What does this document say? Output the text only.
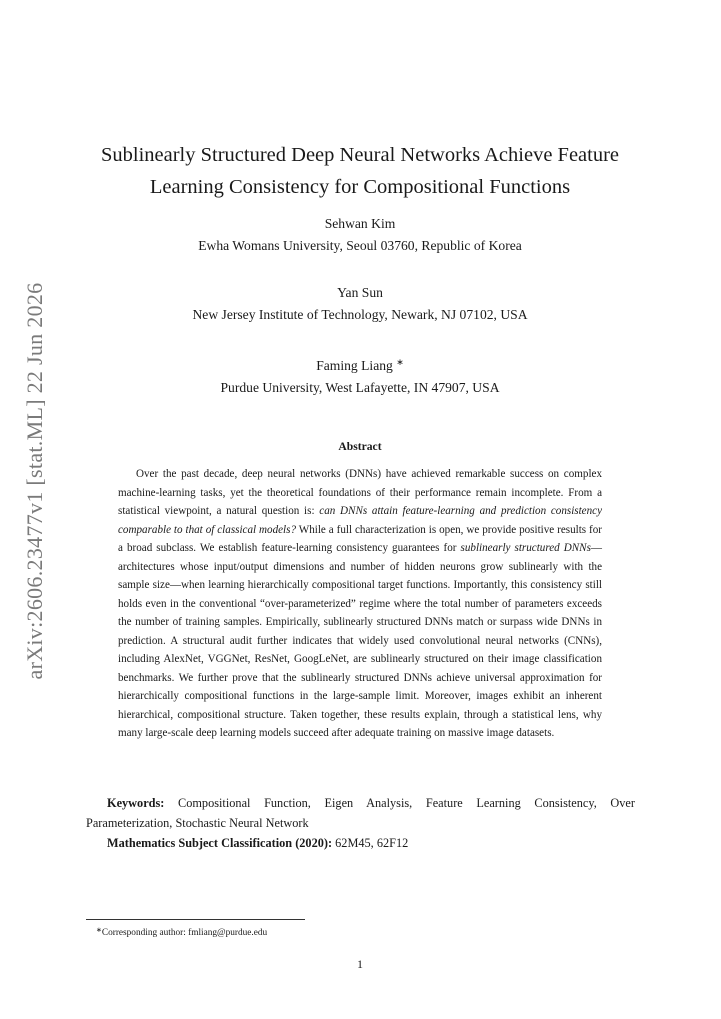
arXiv:2606.23477v1 [stat.ML] 22 Jun 2026
Sublinearly Structured Deep Neural Networks Achieve Feature
Learning Consistency for Compositional Functions
Sehwan Kim
Ewha Womans University, Seoul 03760, Republic of Korea
Yan Sun
New Jersey Institute of Technology, Newark, NJ 07102, USA
Faming Liang ∗
Purdue University, West Lafayette, IN 47907, USA
Abstract

Over the past decade, deep neural networks (DNNs) have achieved remarkable success on complex machine-learning tasks, yet the theoretical foundations of their performance remain incomplete. From a statistical viewpoint, a natural question is: can DNNs attain feature-learning and prediction consistency comparable to that of classical models? While a full characterization is open, we provide positive results for a broad subclass. We establish feature-learning consistency guarantees for sublinearly structured DNNs—architectures whose input/output dimensions and number of hidden neurons grow sublinearly with the sample size—when learning hierarchically compositional target functions. Importantly, this consistency still holds even in the conventional “over-parameterized” regime where the total number of parameters exceeds the number of training samples. Empirically, sublinearly structured DNNs match or surpass wide DNNs in prediction. A structural audit further indicates that widely used convolutional neural networks (CNNs), including AlexNet, VGGNet, ResNet, GoogLeNet, are sublinearly structured on their image classification benchmarks. We further prove that the sublinearly structured DNNs achieve universal approximation for hierarchically compositional functions in the large-sample limit. Moreover, images exhibit an inherent hierarchical, compositional structure. Taken together, these results explain, through a statistical lens, why many large-scale deep learning models succeed after adequate training on massive image datasets.

Keywords: Compositional Function, Eigen Analysis, Feature Learning Consistency, Over Parameterization, Stochastic Neural Network

Mathematics Subject Classification (2020): 62M45, 62F12

∗Corresponding author: fmliang@purdue.edu
1
